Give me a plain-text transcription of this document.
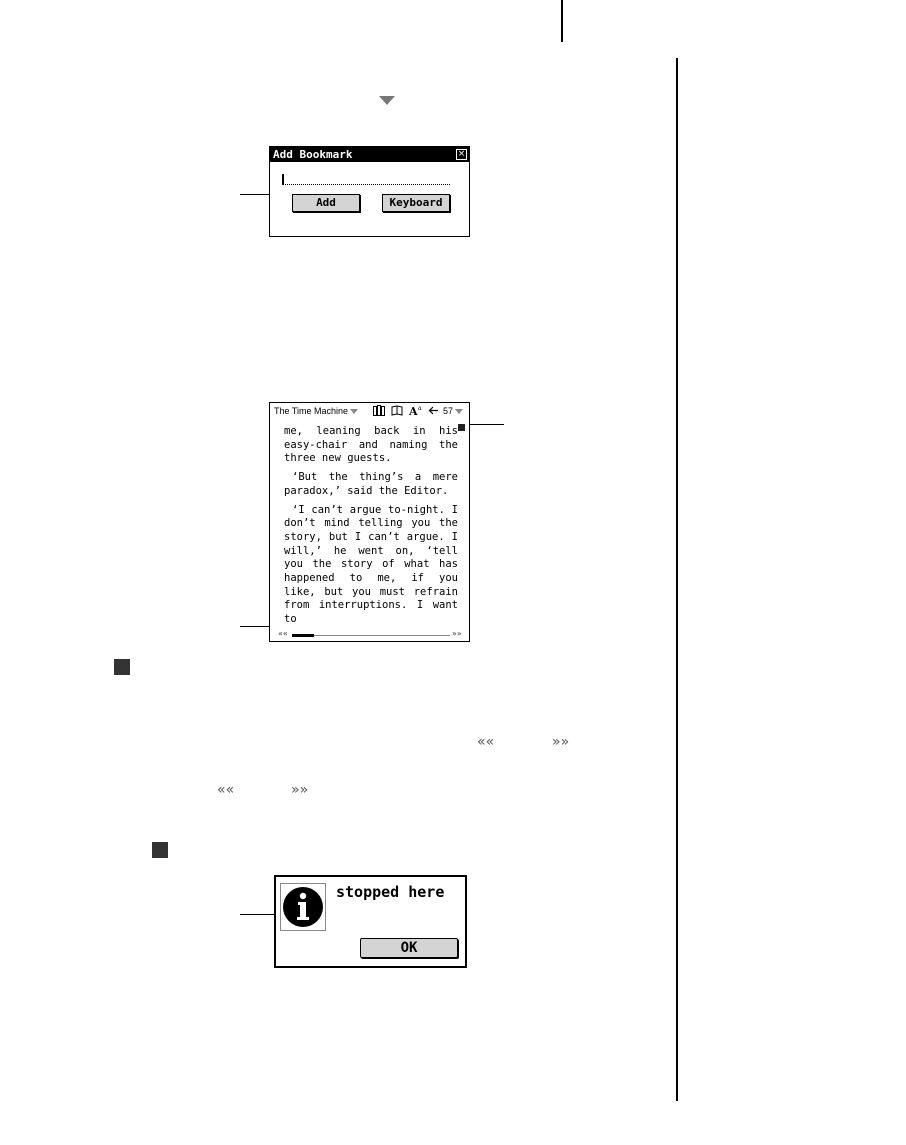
Add Bookmark	×
Add	Keyboard
The Time Machine	A a 57

me, leaning back in his easy-chair and naming the three new guests.

‘But the thing’s a mere paradox,’ said the Editor.

‘I can’t argue to-night. I don’t mind telling you the story, but I can’t argue. I will,’ he went on, ‘tell you the story of what has happened to me, if you like, but you must refrain from interruptions. I want to

««	»»
««	»»
««	»»
stopped here
OK
